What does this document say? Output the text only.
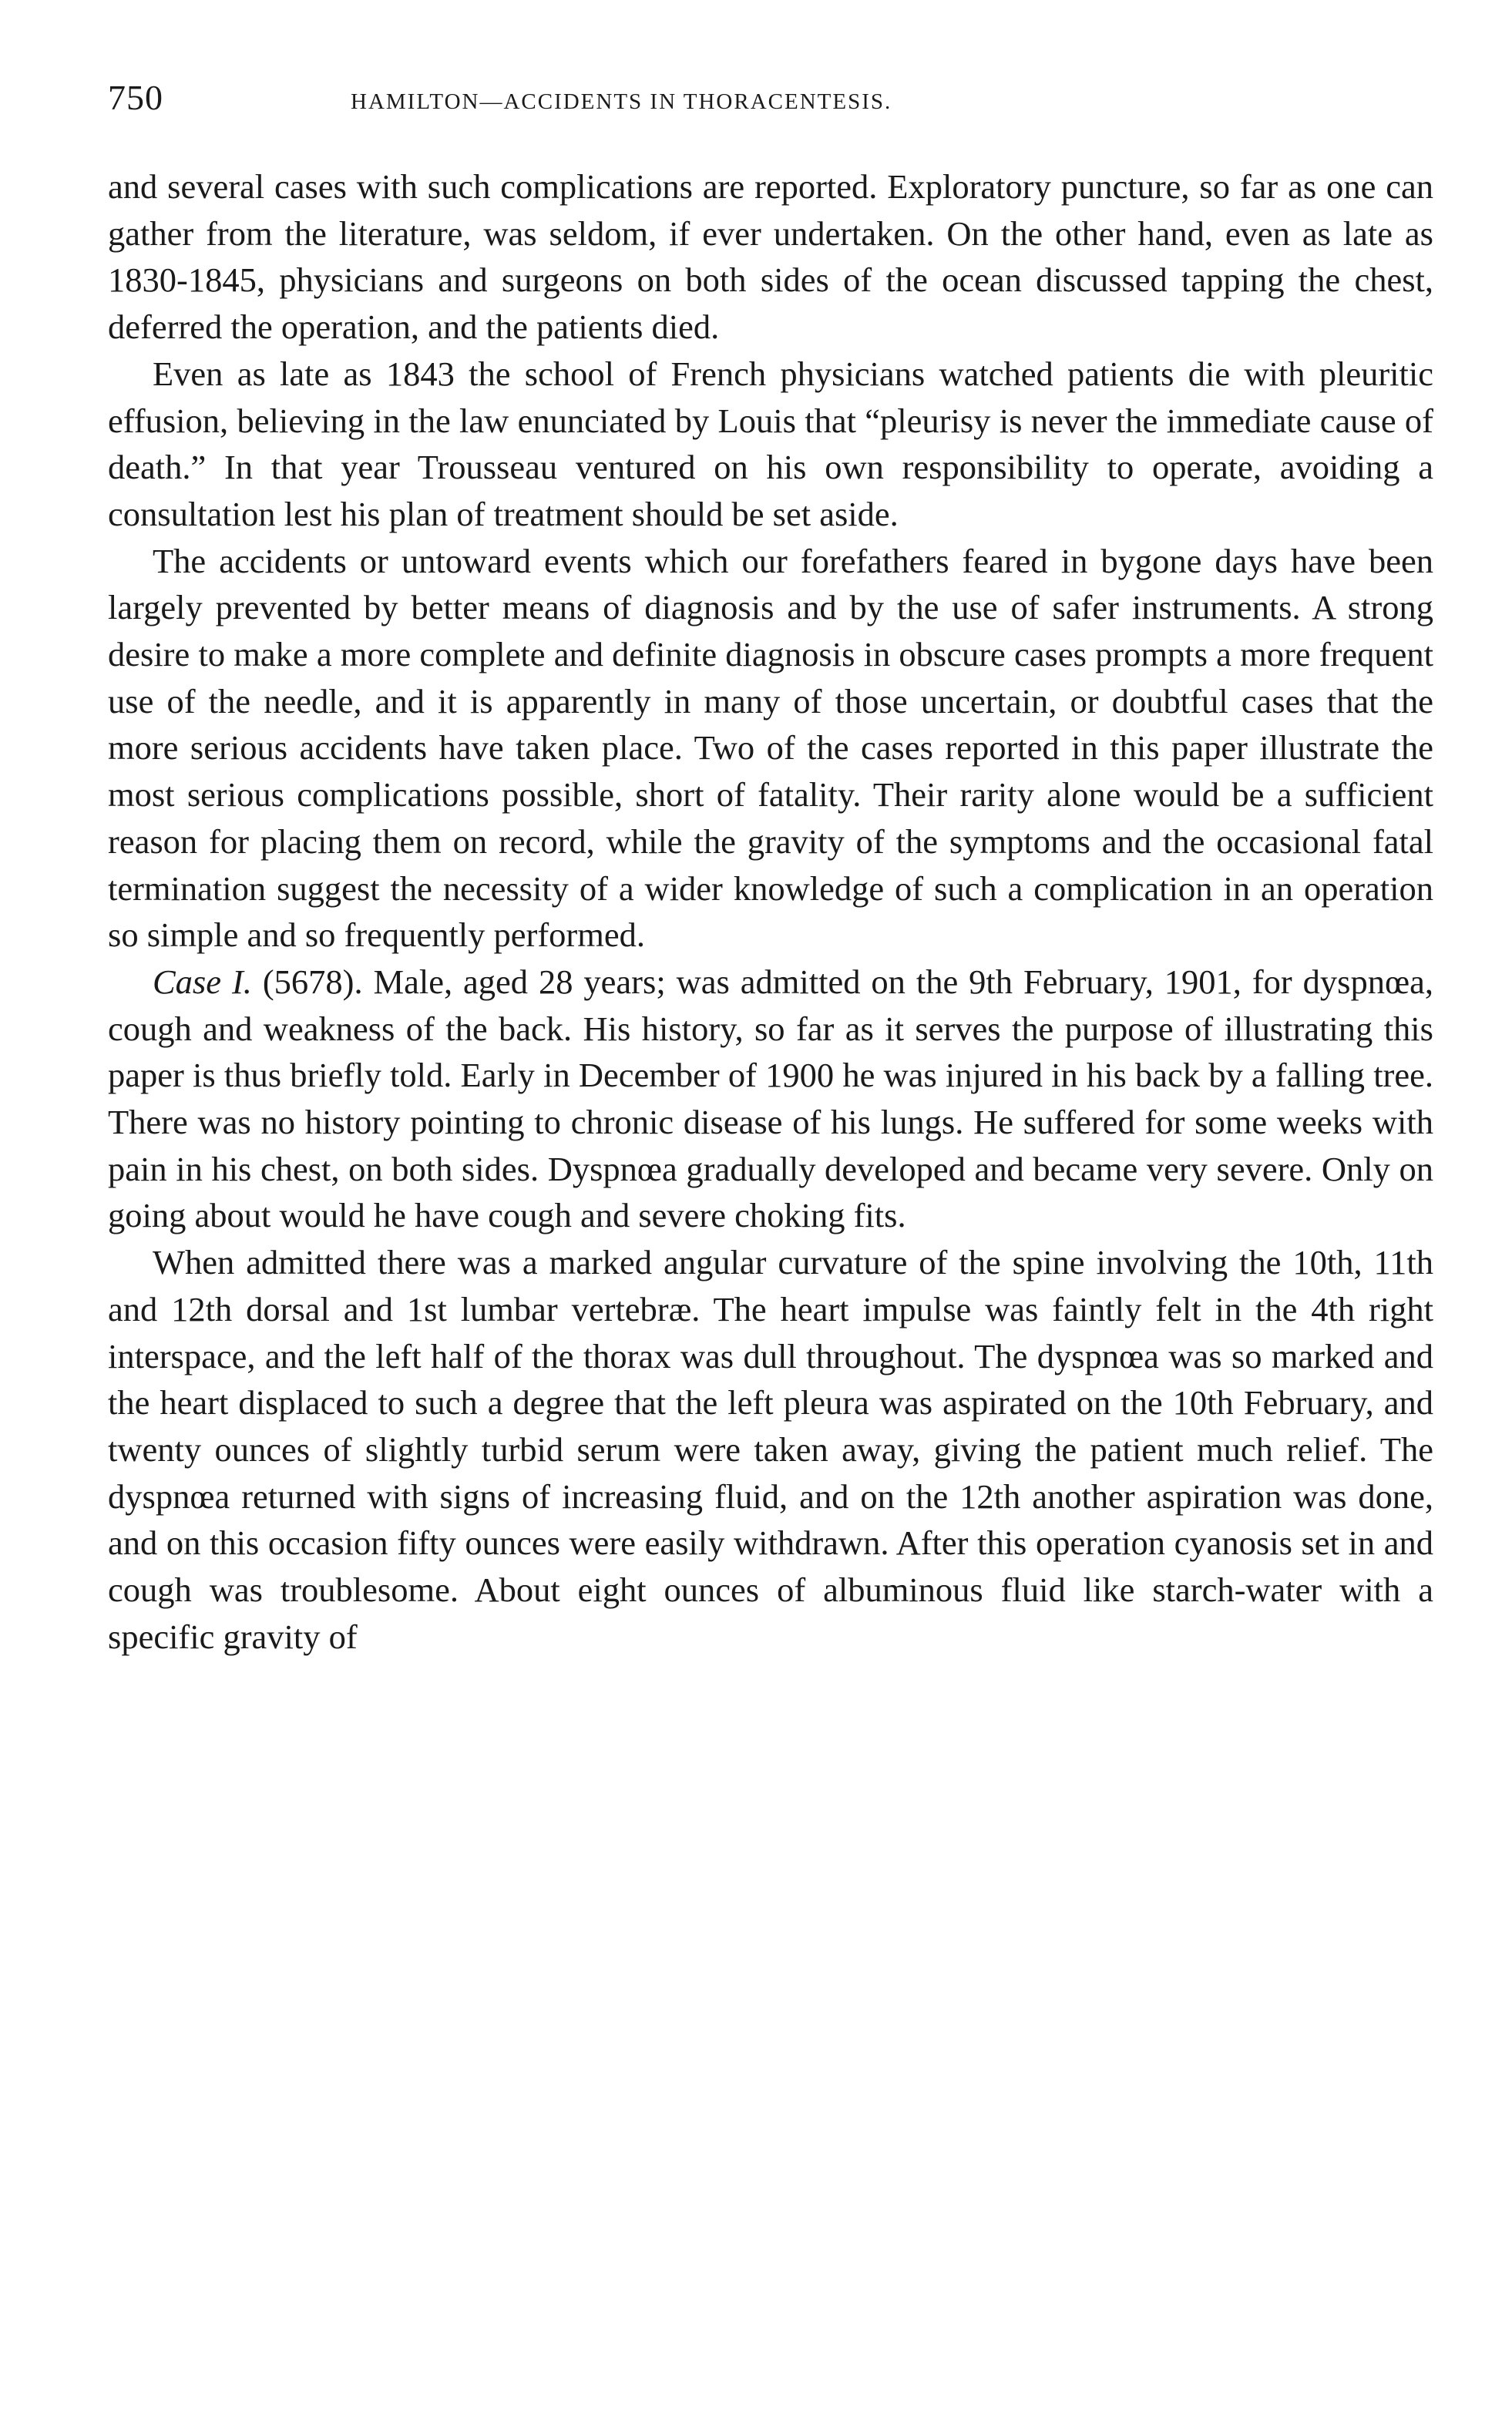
750	HAMILTON—ACCIDENTS IN THORACENTESIS.

and several cases with such complications are reported. Exploratory puncture, so far as one can gather from the literature, was seldom, if ever undertaken. On the other hand, even as late as 1830-1845, physicians and surgeons on both sides of the ocean discussed tapping the chest, deferred the operation, and the patients died.

Even as late as 1843 the school of French physicians watched patients die with pleuritic effusion, believing in the law enunciated by Louis that “pleurisy is never the immediate cause of death.” In that year Trousseau ventured on his own responsibility to operate, avoiding a consultation lest his plan of treatment should be set aside.

The accidents or untoward events which our forefathers feared in bygone days have been largely prevented by better means of diagnosis and by the use of safer instruments. A strong desire to make a more complete and definite diagnosis in obscure cases prompts a more frequent use of the needle, and it is apparently in many of those uncertain, or doubtful cases that the more serious accidents have taken place. Two of the cases reported in this paper illustrate the most serious complications possible, short of fatality. Their rarity alone would be a sufficient reason for placing them on record, while the gravity of the symptoms and the occasional fatal termination suggest the necessity of a wider knowledge of such a complication in an operation so simple and so frequently performed.

Case I. (5678). Male, aged 28 years; was admitted on the 9th February, 1901, for dyspnœa, cough and weakness of the back. His history, so far as it serves the purpose of illustrating this paper is thus briefly told. Early in December of 1900 he was injured in his back by a falling tree. There was no history pointing to chronic disease of his lungs. He suffered for some weeks with pain in his chest, on both sides. Dyspnœa gradually developed and became very severe. Only on going about would he have cough and severe choking fits.

When admitted there was a marked angular curvature of the spine involving the 10th, 11th and 12th dorsal and 1st lumbar vertebræ. The heart impulse was faintly felt in the 4th right interspace, and the left half of the thorax was dull throughout. The dyspnœa was so marked and the heart displaced to such a degree that the left pleura was aspirated on the 10th February, and twenty ounces of slightly turbid serum were taken away, giving the patient much relief. The dyspnœa returned with signs of increasing fluid, and on the 12th another aspiration was done, and on this occasion fifty ounces were easily withdrawn. After this operation cyanosis set in and cough was troublesome. About eight ounces of albuminous fluid like starch-water with a specific gravity of
